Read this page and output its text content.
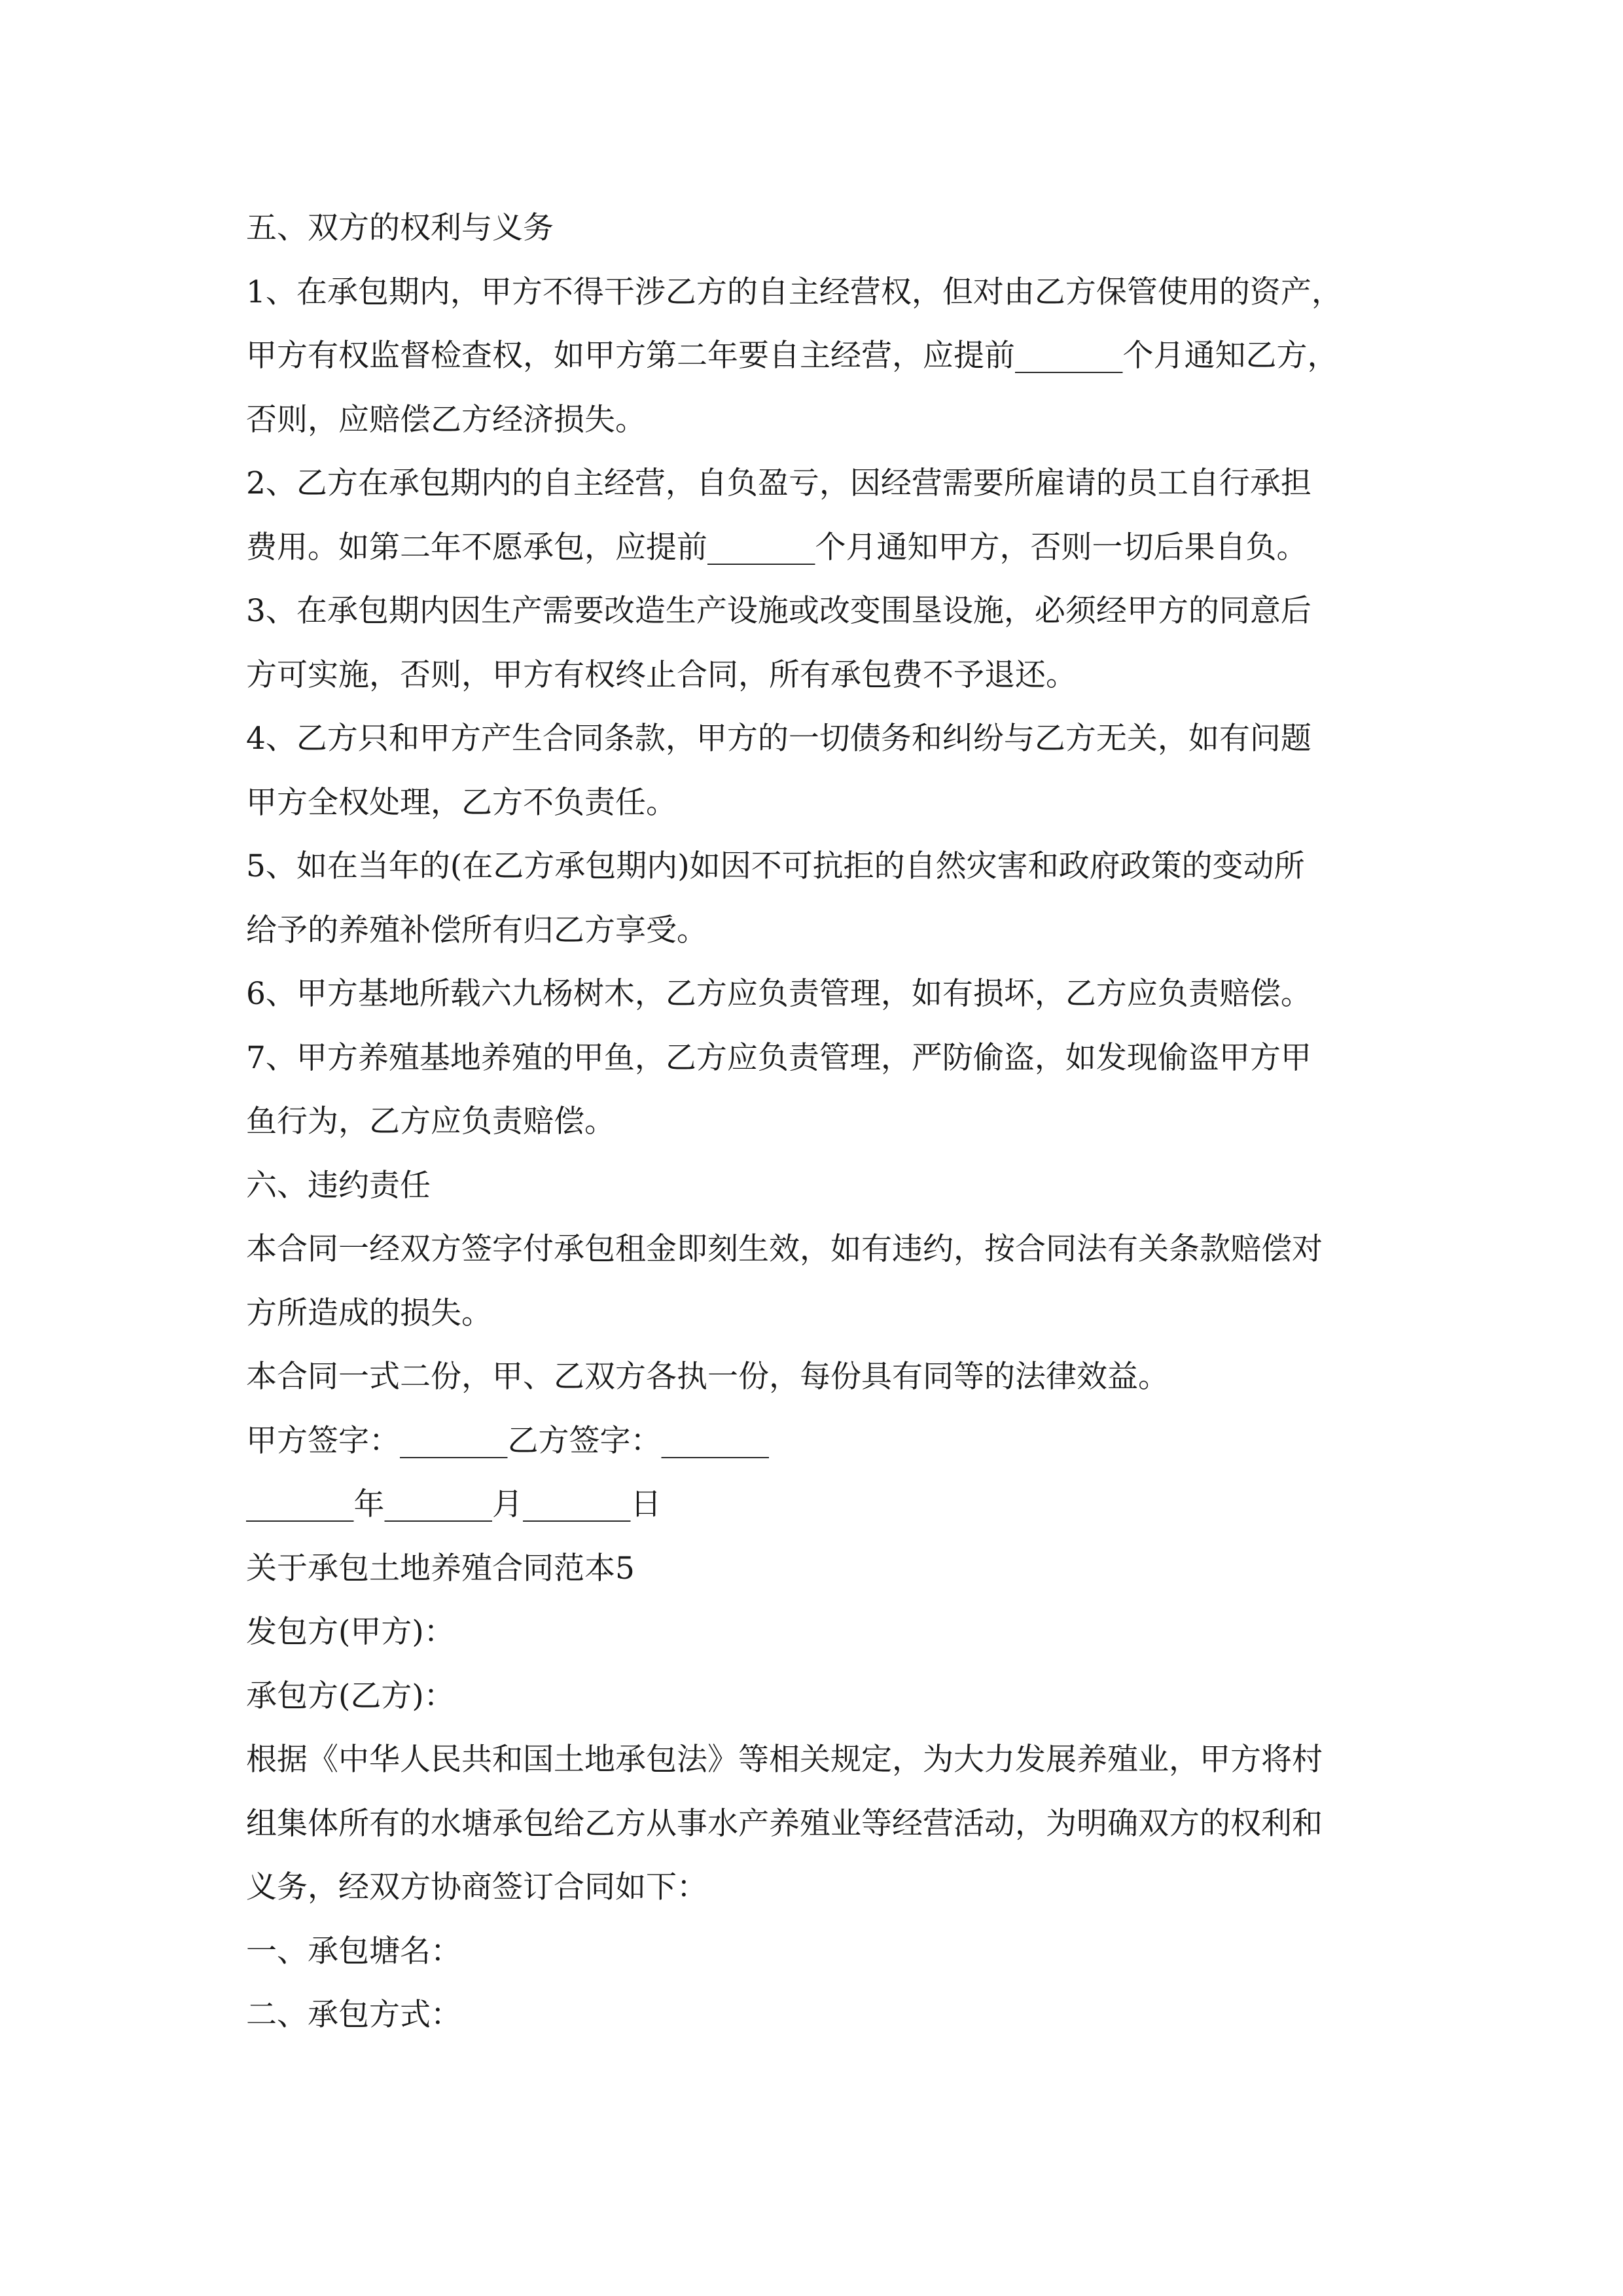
五、双方的权利与义务
1、在承包期内，甲方不得干涉乙方的自主经营权，但对由乙方保管使用的资产，
甲方有权监督检查权，如甲方第二年要自主经营，应提前_______个月通知乙方，
否则，应赔偿乙方经济损失。
2、乙方在承包期内的自主经营，自负盈亏，因经营需要所雇请的员工自行承担
费用。如第二年不愿承包，应提前_______个月通知甲方，否则一切后果自负。
3、在承包期内因生产需要改造生产设施或改变围垦设施，必须经甲方的同意后
方可实施，否则，甲方有权终止合同，所有承包费不予退还。
4、乙方只和甲方产生合同条款，甲方的一切债务和纠纷与乙方无关，如有问题
甲方全权处理，乙方不负责任。
5、如在当年的(在乙方承包期内)如因不可抗拒的自然灾害和政府政策的变动所
给予的养殖补偿所有归乙方享受。
6、甲方基地所载六九杨树木，乙方应负责管理，如有损坏，乙方应负责赔偿。
7、甲方养殖基地养殖的甲鱼，乙方应负责管理，严防偷盗，如发现偷盗甲方甲
鱼行为，乙方应负责赔偿。
六、违约责任
本合同一经双方签字付承包租金即刻生效，如有违约，按合同法有关条款赔偿对
方所造成的损失。
本合同一式二份，甲、乙双方各执一份，每份具有同等的法律效益。
甲方签字：_______乙方签字：_______
_______年_______月_______日
关于承包土地养殖合同范本5
发包方(甲方)：
承包方(乙方)：
根据《中华人民共和国土地承包法》等相关规定，为大力发展养殖业，甲方将村
组集体所有的水塘承包给乙方从事水产养殖业等经营活动，为明确双方的权利和
义务，经双方协商签订合同如下：
一、承包塘名：
二、承包方式：
